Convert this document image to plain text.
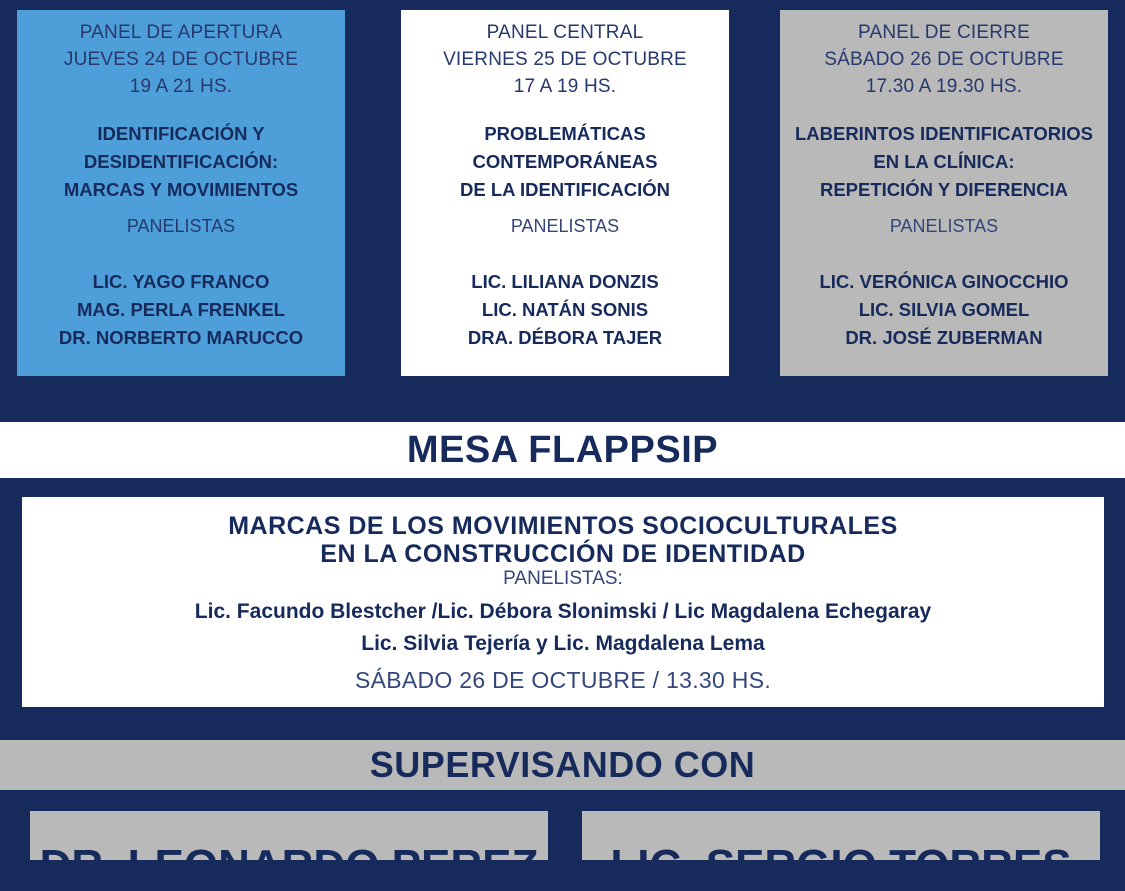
PANEL DE APERTURA
JUEVES 24 DE OCTUBRE
19 A 21 HS.
IDENTIFICACIÓN Y
DESIDENTIFICACIÓN:
MARCAS Y MOVIMIENTOS
PANELISTAS
LIC. YAGO FRANCO
MAG. PERLA FRENKEL
DR. NORBERTO MARUCCO
PANEL CENTRAL
VIERNES 25 DE OCTUBRE
17 A 19 HS.
PROBLEMÁTICAS
CONTEMPORÁNEAS
DE LA IDENTIFICACIÓN
PANELISTAS
LIC. LILIANA DONZIS
LIC. NATÁN SONIS
DRA. DÉBORA TAJER
PANEL DE CIERRE
SÁBADO 26 DE OCTUBRE
17.30 A 19.30 HS.
LABERINTOS IDENTIFICATORIOS
EN LA CLÍNICA:
REPETICIÓN Y DIFERENCIA
PANELISTAS
LIC. VERÓNICA GINOCCHIO
LIC. SILVIA GOMEL
DR. JOSÉ ZUBERMAN
MESA FLAPPSIP
MARCAS DE LOS MOVIMIENTOS SOCIOCULTURALES
EN LA CONSTRUCCIÓN DE IDENTIDAD
PANELISTAS:
Lic. Facundo Blestcher /Lic. Débora Slonimski / Lic Magdalena Echegaray
Lic. Silvia Tejería y Lic. Magdalena Lema
SÁBADO 26 DE OCTUBRE / 13.30 HS.
SUPERVISANDO CON
DR. LEONARDO PEREZ	LIC. SERGIO TORRES
